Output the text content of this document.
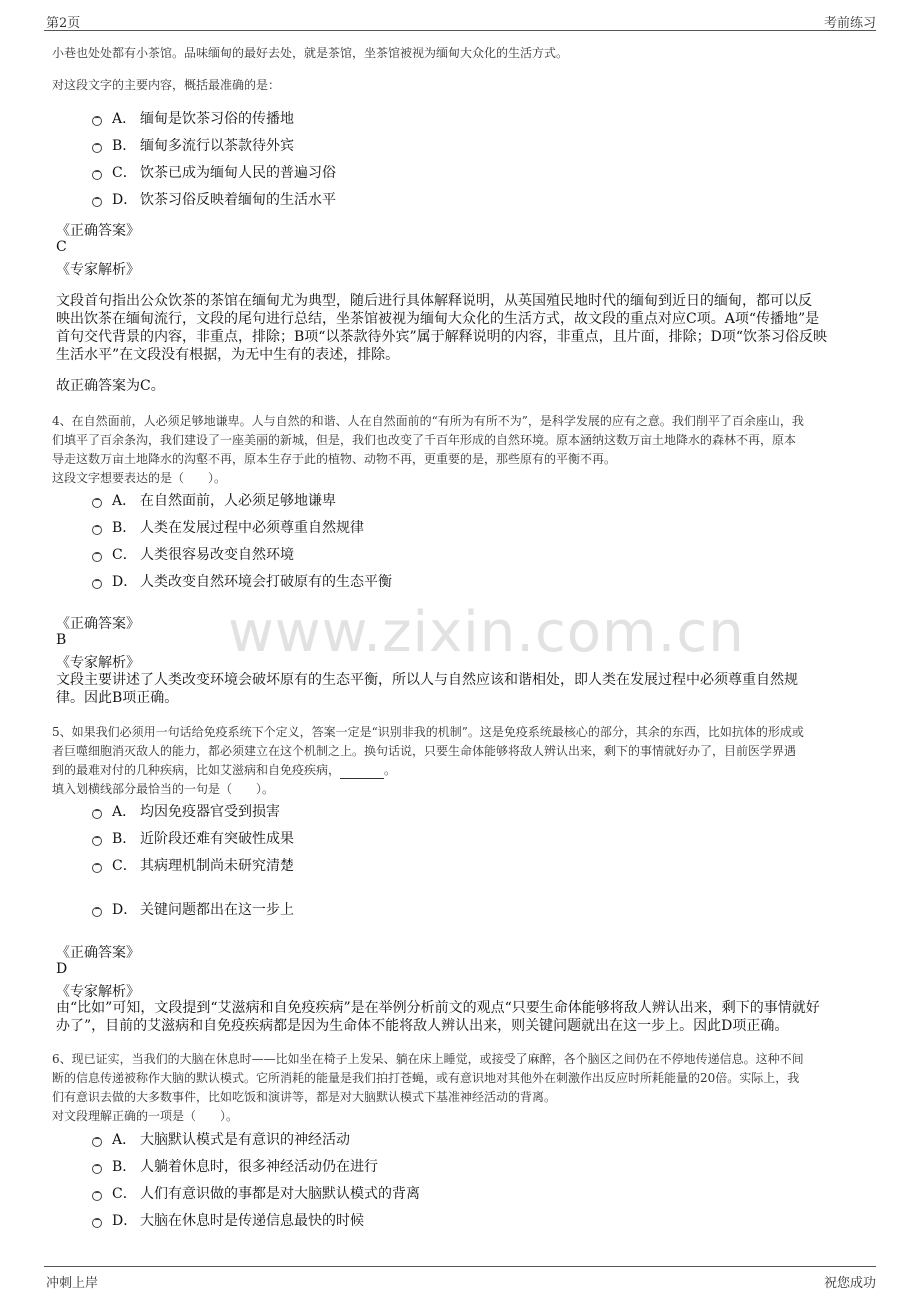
第2页	考前练习
www.zixin.com.cn
小巷也处处都有小茶馆。品味缅甸的最好去处，就是茶馆，坐茶馆被视为缅甸大众化的生活方式。
对这段文字的主要内容，概括最准确的是：
A． 缅甸是饮茶习俗的传播地
B． 缅甸多流行以茶款待外宾
C． 饮茶已成为缅甸人民的普遍习俗
D． 饮茶习俗反映着缅甸的生活水平
《正确答案》
C
《专家解析》
文段首句指出公众饮茶的茶馆在缅甸尤为典型，随后进行具体解释说明，从英国殖民地时代的缅甸到近日的缅甸，都可以反
映出饮茶在缅甸流行，文段的尾句进行总结，坐茶馆被视为缅甸大众化的生活方式，故文段的重点对应C项。A项“传播地”是
首句交代背景的内容，非重点，排除；B项“以茶款待外宾”属于解释说明的内容，非重点，且片面，排除；D项“饮茶习俗反映
生活水平”在文段没有根据，为无中生有的表述，排除。
故正确答案为C。
4、在自然面前，人必须足够地谦卑。人与自然的和谐、人在自然面前的“有所为有所不为”，是科学发展的应有之意。我们削平了百余座山，我
们填平了百余条沟，我们建设了一座美丽的新城，但是，我们也改变了千百年形成的自然环境。原本涵纳这数万亩土地降水的森林不再，原本
导走这数万亩土地降水的沟壑不再，原本生存于此的植物、动物不再，更重要的是，那些原有的平衡不再。
这段文字想要表达的是（　　）。
A． 在自然面前，人必须足够地谦卑
B． 人类在发展过程中必须尊重自然规律
C． 人类很容易改变自然环境
D． 人类改变自然环境会打破原有的生态平衡
《正确答案》
B
《专家解析》
文段主要讲述了人类改变环境会破坏原有的生态平衡，所以人与自然应该和谐相处，即人类在发展过程中必须尊重自然规
律。因此B项正确。
5、如果我们必须用一句话给免疫系统下个定义，答案一定是“识别非我的机制”。这是免疫系统最核心的部分，其余的东西，比如抗体的形成或
者巨噬细胞消灭敌人的能力，都必须建立在这个机制之上。换句话说，只要生命体能够将敌人辨认出来，剩下的事情就好办了，目前医学界遇
到的最难对付的几种疾病，比如艾滋病和自免疫疾病，	。
填入划横线部分最恰当的一句是（　　）。
A． 均因免疫器官受到损害
B． 近阶段还难有突破性成果
C． 其病理机制尚未研究清楚
D． 关键问题都出在这一步上
《正确答案》
D
《专家解析》
由“比如”可知，文段提到“艾滋病和自免疫疾病”是在举例分析前文的观点“只要生命体能够将敌人辨认出来，剩下的事情就好
办了”，目前的艾滋病和自免疫疾病都是因为生命体不能将敌人辨认出来，则关键问题就出在这一步上。因此D项正确。
6、现已证实，当我们的大脑在休息时——比如坐在椅子上发呆、躺在床上睡觉，或接受了麻醉，各个脑区之间仍在不停地传递信息。这种不间
断的信息传递被称作大脑的默认模式。它所消耗的能量是我们拍打苍蝇，或有意识地对其他外在刺激作出反应时所耗能量的20倍。实际上，我
们有意识去做的大多数事件，比如吃饭和演讲等，都是对大脑默认模式下基准神经活动的背离。
对文段理解正确的一项是（　　）。
A． 大脑默认模式是有意识的神经活动
B． 人躺着休息时，很多神经活动仍在进行
C． 人们有意识做的事都是对大脑默认模式的背离
D． 大脑在休息时是传递信息最快的时候
冲刺上岸	祝您成功
